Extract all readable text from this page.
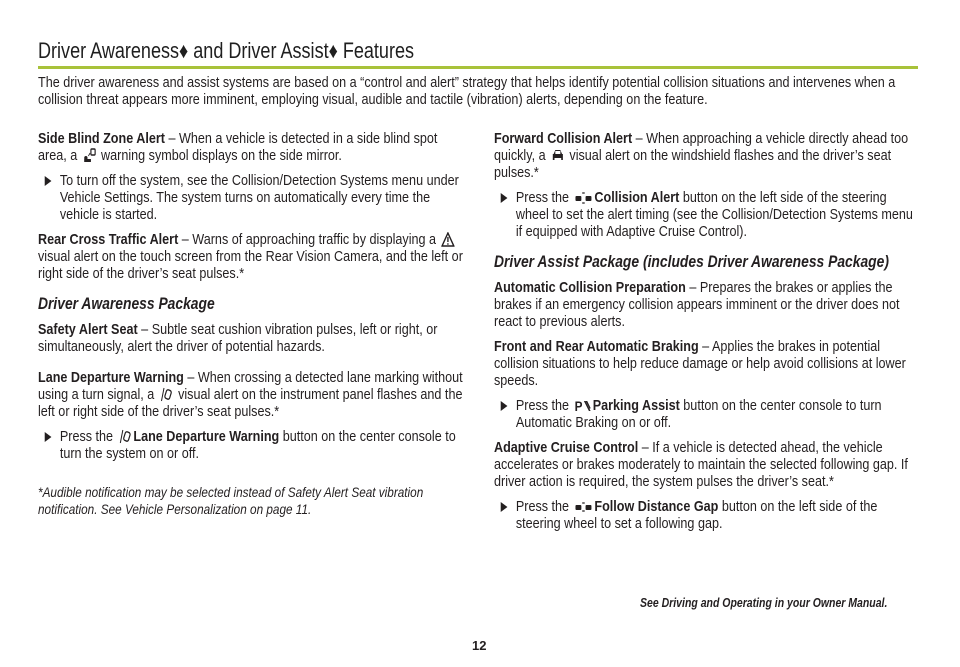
Driver Awareness♦ and Driver Assist♦ Features
The driver awareness and assist systems are based on a “control and alert” strategy that helps identify potential collision situations and intervenes when a collision threat appears more imminent, employing visual, audible and tactile (vibration) alerts, depending on the feature.
Side Blind Zone Alert – When a vehicle is detected in a side blind spot area, a
warning symbol displays on the side mirror.
To turn off the system, see the Collision/Detection Systems menu under Vehicle Settings. The system turns on automatically every time the vehicle is started.
Rear Cross Traffic Alert – Warns of approaching traffic by displaying a
visual alert on the touch screen from the Rear Vision Camera, and the left or right side of the driver’s seat pulses.*
Driver Awareness Package
Safety Alert Seat – Subtle seat cushion vibration pulses, left or right, or simultaneously, alert the driver of potential hazards.
Lane Departure Warning – When crossing a detected lane marking without using a turn signal, a
visual alert on the instrument panel flashes and the left or right side of the driver’s seat pulses.*
Press the
Lane Departure Warning button on the center console to turn the system on or off.
*Audible notification may be selected instead of Safety Alert Seat vibration notification. See Vehicle Personalization on page 11.
Forward Collision Alert – When approaching a vehicle directly ahead too quickly, a
visual alert on the windshield flashes and the driver’s seat pulses.*
Press the
Collision Alert button on the left side of the steering wheel to set the alert timing (see the Collision/Detection Systems menu if equipped with Adaptive Cruise Control).
Driver Assist Package (includes Driver Awareness Package)
Automatic Collision Preparation – Prepares the brakes or applies the brakes if an emergency collision appears imminent or the driver does not react to previous alerts.
Front and Rear Automatic Braking – Applies the brakes in potential collision situations to help reduce damage or help avoid collisions at lower speeds.
Press the P Parking Assist button on the center console to turn Automatic Braking on or off.
Adaptive Cruise Control – If a vehicle is detected ahead, the vehicle accelerates or brakes moderately to maintain the selected following gap. If driver action is required, the system pulses the driver’s seat.*
Press the
Follow Distance Gap button on the left side of the steering wheel to set a following gap.
See Driving and Operating in your Owner Manual.
12
